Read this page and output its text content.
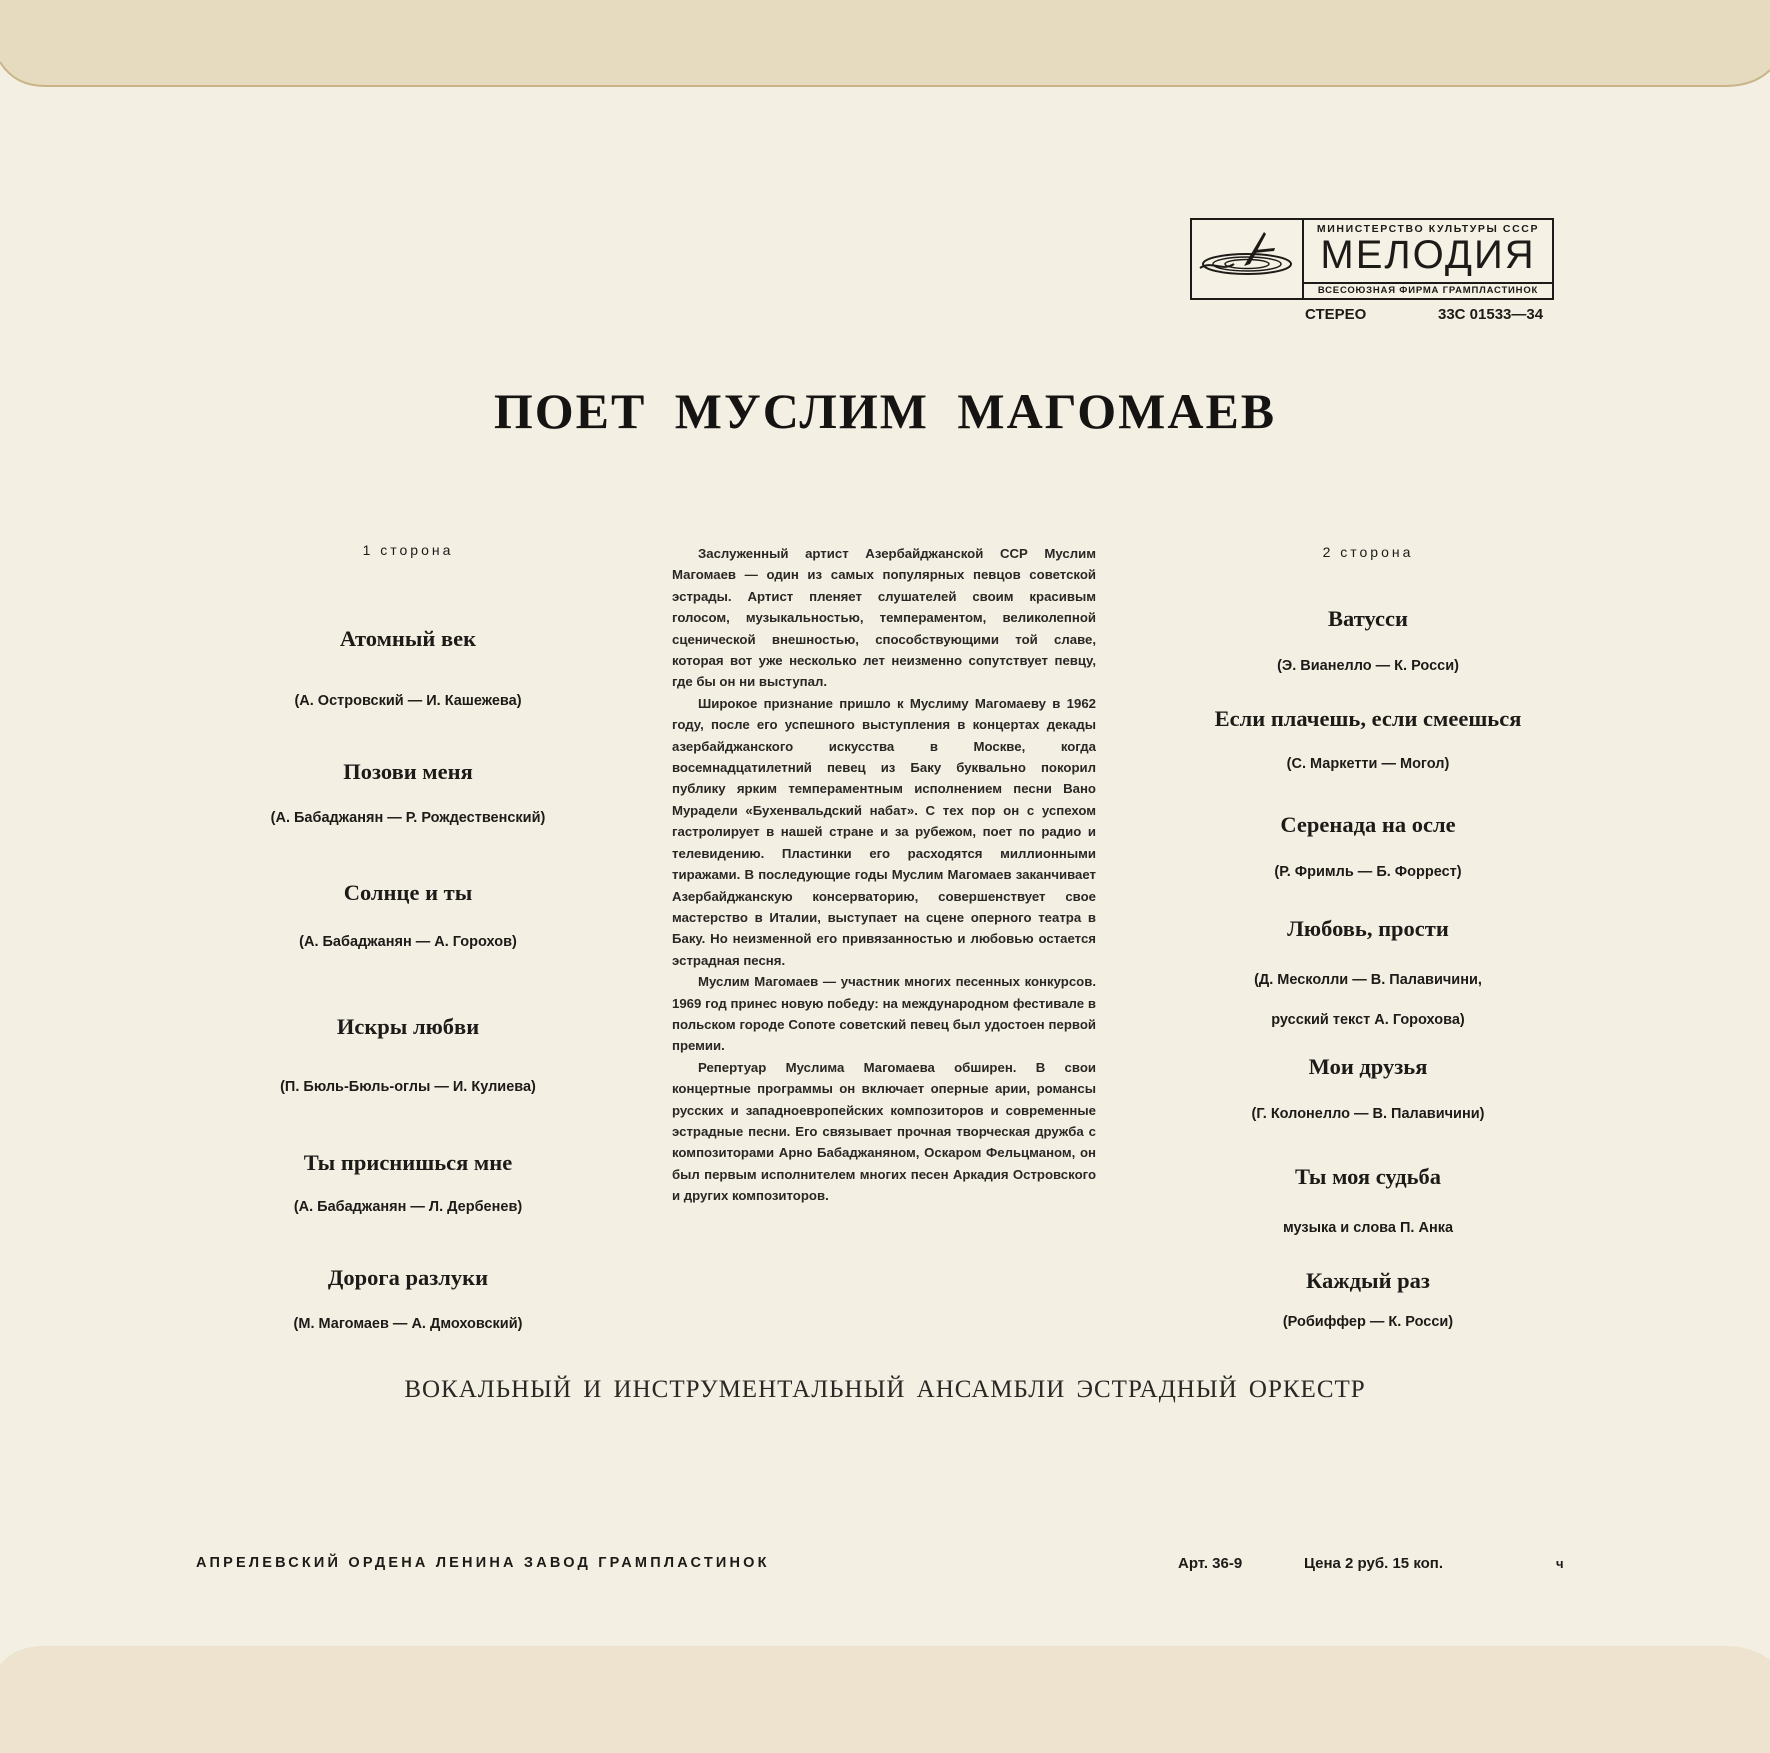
МИНИСТЕРСТВО КУЛЬТУРЫ СССР
МЕЛОДИЯ
ВСЕСОЮЗНАЯ ФИРМА ГРАМПЛАСТИНОК
СТЕРЕО	33С 01533—34
ПОЕТ МУСЛИМ МАГОМАЕВ
1 сторона
Атомный век
(А. Островский — И. Кашежева)
Позови меня
(А. Бабаджанян — Р. Рождественский)
Солнце и ты
(А. Бабаджанян — А. Горохов)
Искры любви
(П. Бюль-Бюль-оглы — И. Кулиева)
Ты приснишься мне
(А. Бабаджанян — Л. Дербенев)
Дорога разлуки
(М. Магомаев — А. Дмоховский)

Заслуженный артист Азербайджанской ССР Муслим Магомаев — один из самых популярных певцов советской эстрады. Артист пленяет слушателей своим красивым голосом, музыкальностью, темпераментом, великолепной сценической внешностью, способствующими той славе, которая вот уже несколько лет неизменно сопутствует певцу, где бы он ни выступал.

Широкое признание пришло к Муслиму Магомаеву в 1962 году, после его успешного выступления в концертах декады азербайджанского искусства в Москве, когда восемнадцатилетний певец из Баку буквально покорил публику ярким темпераментным исполнением песни Вано Мурадели «Бухенвальдский набат». С тех пор он с успехом гастролирует в нашей стране и за рубежом, поет по радио и телевидению. Пластинки его расходятся миллионными тиражами. В последующие годы Муслим Магомаев заканчивает Азербайджанскую консерваторию, совершенствует свое мастерство в Италии, выступает на сцене оперного театра в Баку. Но неизменной его привязанностью и любовью остается эстрадная песня.

Муслим Магомаев — участник многих песенных конкурсов. 1969 год принес новую победу: на международном фестивале в польском городе Сопоте советский певец был удостоен первой премии.

Репертуар Муслима Магомаева обширен. В свои концертные программы он включает оперные арии, романсы русских и западноевропейских композиторов и современные эстрадные песни. Его связывает прочная творческая дружба с композиторами Арно Бабаджаняном, Оскаром Фельцманом, он был первым исполнителем многих песен Аркадия Островского и других композиторов.

2 сторона
Ватусси
(Э. Вианелло — К. Росси)
Если плачешь, если смеешься
(С. Маркетти — Могол)
Серенада на осле
(Р. Фримль — Б. Форрест)
Любовь, прости
(Д. Месколли — В. Палавичини,
русский текст А. Горохова)
Мои друзья
(Г. Колонелло — В. Палавичини)
Ты моя судьба
музыка и слова П. Анка
Каждый раз
(Робиффер — К. Росси)
ВОКАЛЬНЫЙ И ИНСТРУМЕНТАЛЬНЫЙ АНСАМБЛИ ЭСТРАДНЫЙ ОРКЕСТР
АПРЕЛЕВСКИЙ ОРДЕНА ЛЕНИНА ЗАВОД ГРАМПЛАСТИНОК	Арт. 36-9	Цена 2 руб. 15 коп.	ч
